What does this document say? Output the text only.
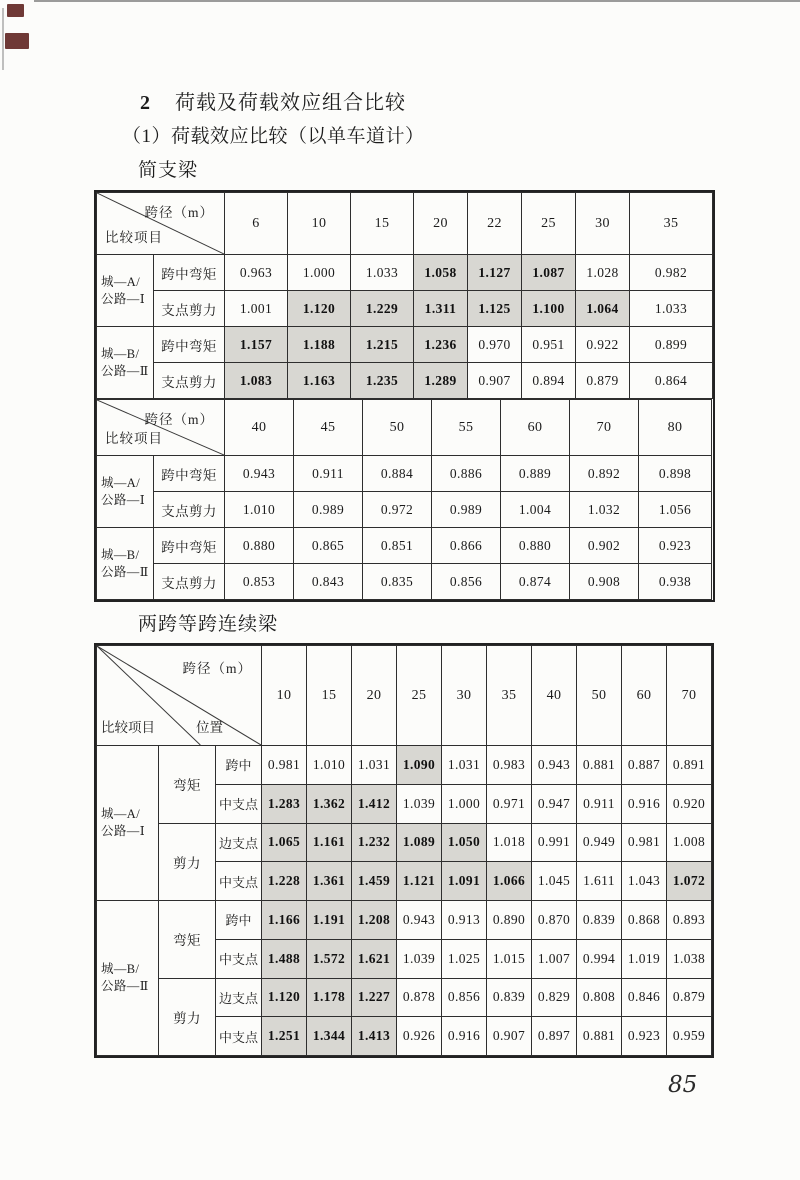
2 荷载及荷载效应组合比较
（1）荷载效应比较（以单车道计）
简支梁
跨径（m）
比较项目		6	10	15	20	22	25	30	35

城—A/
公路—Ⅰ	跨中弯矩	0.963	1.000	1.033	1.058	1.127	1.087	1.028	0.982
	支点剪力	1.001	1.120	1.229	1.311	1.125	1.100	1.064	1.033

城—B/
公路—Ⅱ	跨中弯矩	1.157	1.188	1.215	1.236	0.970	0.951	0.922	0.899
	支点剪力	1.083	1.163	1.235	1.289	0.907	0.894	0.879	0.864
跨径（m）
比较项目		40	45	50	55	60	70	80

城—A/
公路—Ⅰ	跨中弯矩	0.943	0.911	0.884	0.886	0.889	0.892	0.898
	支点剪力	1.010	0.989	0.972	0.989	1.004	1.032	1.056

城—B/
公路—Ⅱ	跨中弯矩	0.880	0.865	0.851	0.866	0.880	0.902	0.923
	支点剪力	0.853	0.843	0.835	0.856	0.874	0.908	0.938
两跨等跨连续梁
跨径（m）
比较项目 位置			10	15	20	25	30	35	40	50	60	70

城—A/
公路—Ⅰ	弯矩	跨中	0.981	1.010	1.031	1.090	1.031	0.983	0.943	0.881	0.887	0.891
		中支点	1.283	1.362	1.412	1.039	1.000	0.971	0.947	0.911	0.916	0.920
	剪力	边支点	1.065	1.161	1.232	1.089	1.050	1.018	0.991	0.949	0.981	1.008
		中支点	1.228	1.361	1.459	1.121	1.091	1.066	1.045	1.611	1.043	1.072

城—B/
公路—Ⅱ	弯矩	跨中	1.166	1.191	1.208	0.943	0.913	0.890	0.870	0.839	0.868	0.893
		中支点	1.488	1.572	1.621	1.039	1.025	1.015	1.007	0.994	1.019	1.038
	剪力	边支点	1.120	1.178	1.227	0.878	0.856	0.839	0.829	0.808	0.846	0.879
		中支点	1.251	1.344	1.413	0.926	0.916	0.907	0.897	0.881	0.923	0.959
85
